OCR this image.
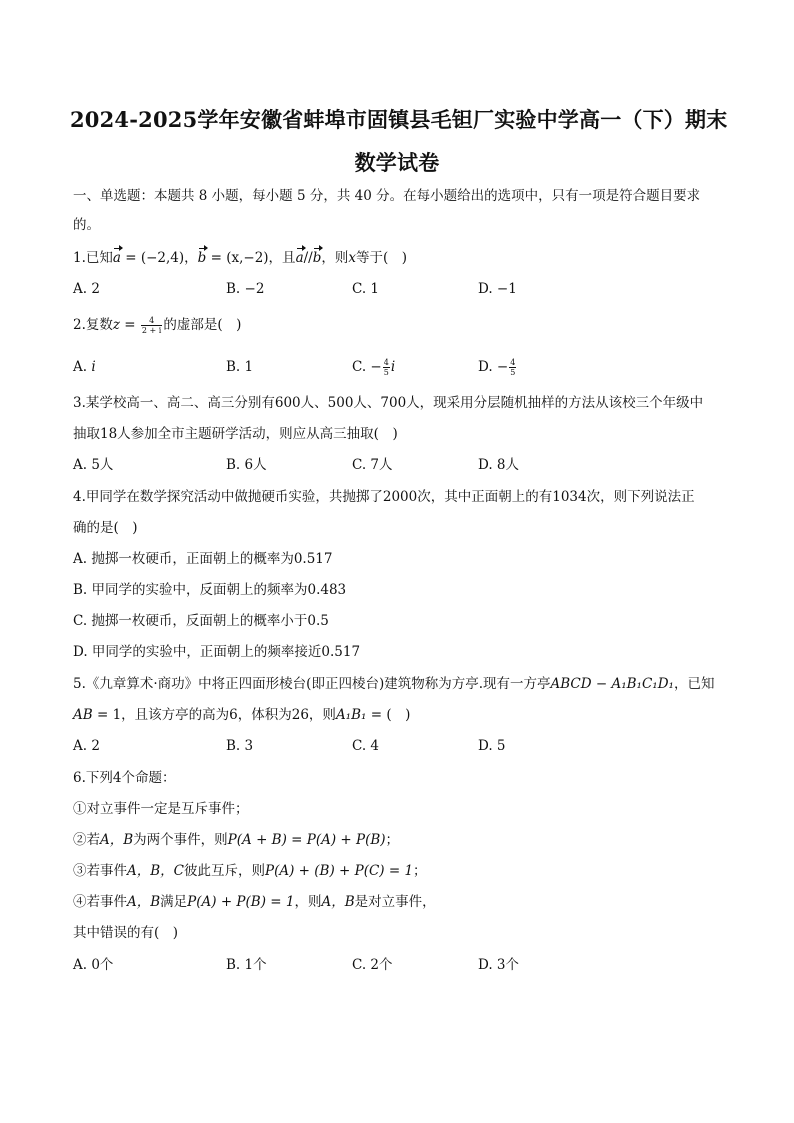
2024-2025学年安徽省蚌埠市固镇县毛钽厂实验中学高一（下）期末
数学试卷
一、单选题：本题共 8 小题，每小题 5 分，共 40 分。在每小题给出的选项中，只有一项是符合题目要求
的。
1.已知a = (−2,4)，b = (x,−2)，且a//b，则x等于(　)
A. 2	B. −2	C. 1	D. −1
2.复数$z = \frac{4}{2 + i}$ 的虚部是(　)
A. i	B. 1	C. − $\frac{4}{5}$ i	D. − $\frac{4}{5}$
3.某学校高一、高二、高三分别有600人、500人、700人，现采用分层随机抽样的方法从该校三个年级中
抽取18人参加全市主题研学活动，则应从高三抽取(　)
A. 5人	B. 6人	C. 7人	D. 8人
4.甲同学在数学探究活动中做抛硬币实验，共抛掷了2000次，其中正面朝上的有1034次，则下列说法正
确的是(　)
A. 抛掷一枚硬币，正面朝上的概率为0.517
B. 甲同学的实验中，反面朝上的频率为0.483
C. 抛掷一枚硬币，反面朝上的概率小于0.5
D. 甲同学的实验中，正面朝上的频率接近0.517
5.《九章算术·商功》中将正四面形棱台(即正四棱台)建筑物称为方亭.现有一方亭ABCD − A₁B₁C₁D₁，已知
AB = 1，且该方亭的高为6，体积为26，则A₁B₁ = (　)
A. 2	B. 3	C. 4	D. 5
6.下列4个命题：
①对立事件一定是互斥事件；
②若A，B为两个事件，则P(A + B) = P(A) + P(B)；
③若事件A，B，C彼此互斥，则P(A) + (B) + P(C) = 1；
④若事件A，B满足P(A) + P(B) = 1，则A，B是对立事件，
其中错误的有(　)
A. 0个	B. 1个	C. 2个	D. 3个
